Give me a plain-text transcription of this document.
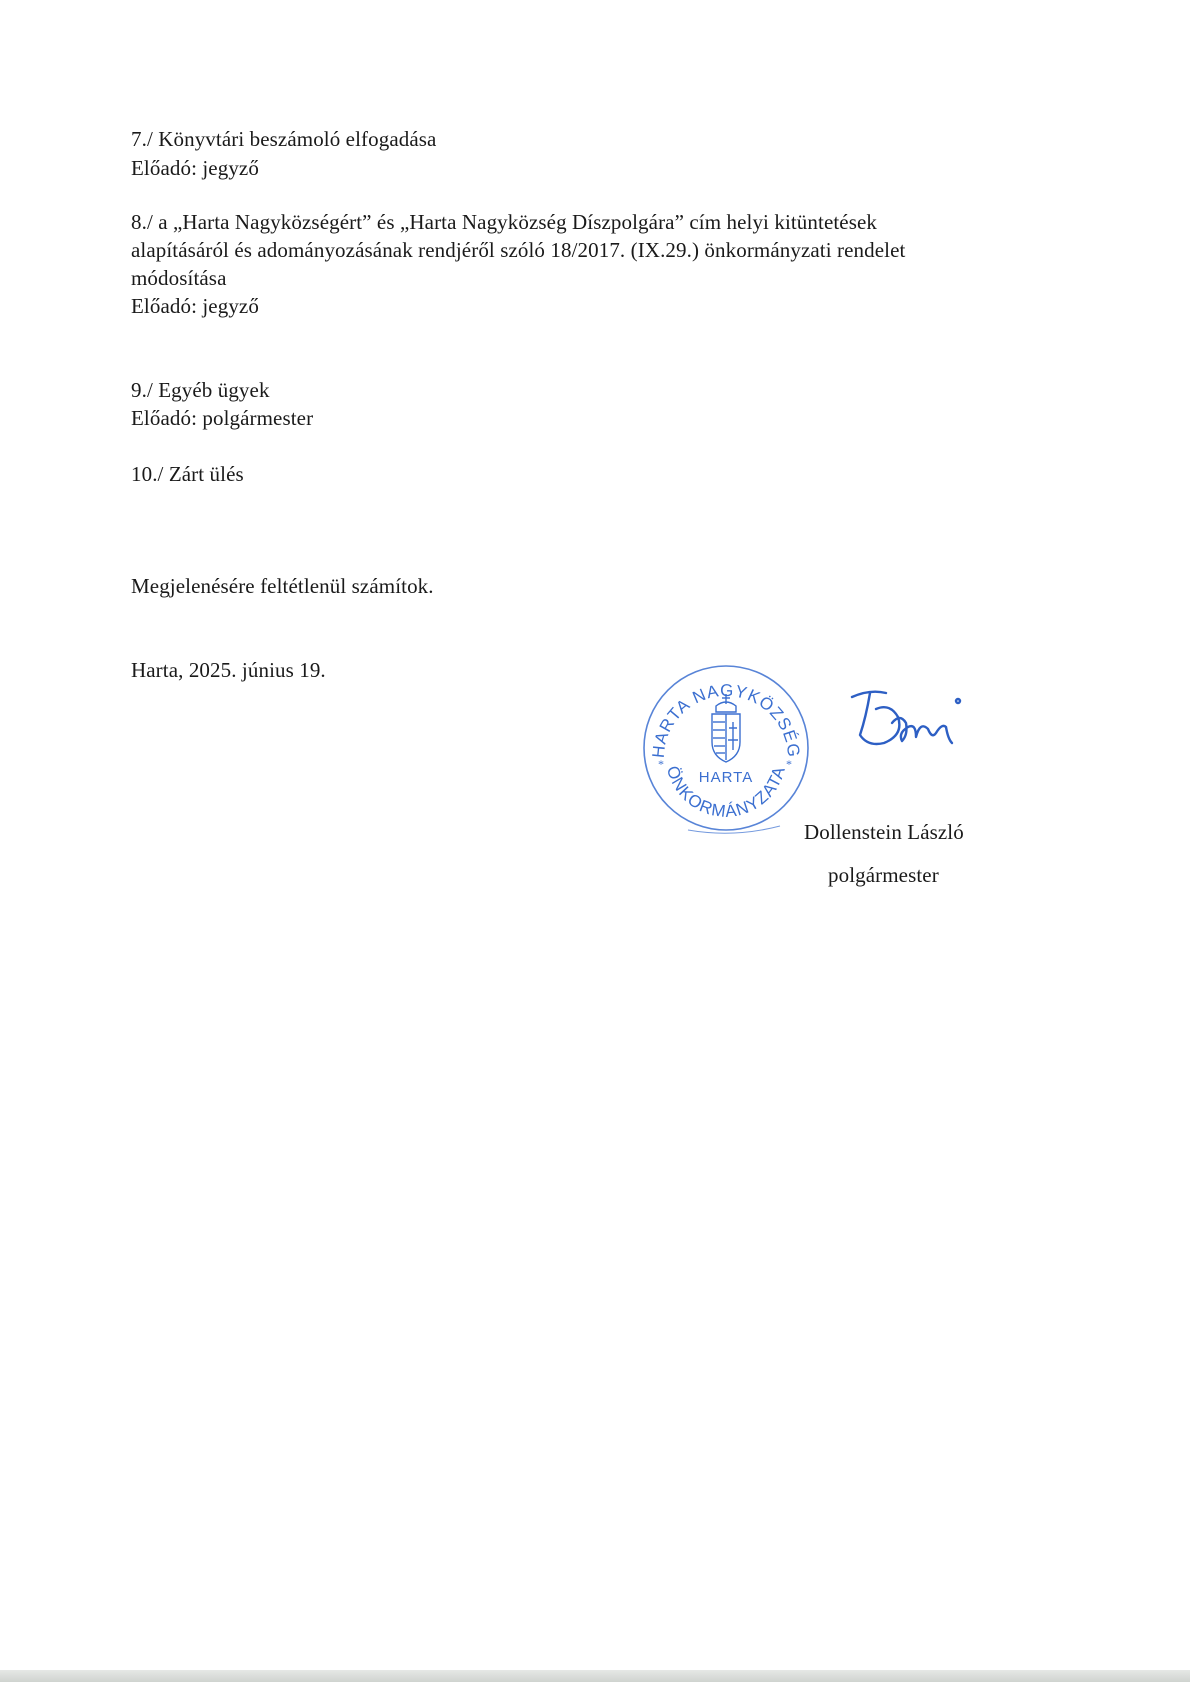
7./ Könyvtári beszámoló elfogadása
Előadó: jegyző
8./ a „Harta Nagyközségért” és „Harta Nagyközség Díszpolgára” cím helyi kitüntetések
alapításáról és adományozásának rendjéről szóló 18/2017. (IX.29.) önkormányzati rendelet
módosítása
Előadó: jegyző
9./ Egyéb ügyek
Előadó: polgármester
10./ Zárt ülés
Megjelenésére feltétlenül számítok.
Harta, 2025. június 19.
HARTA NAGYKÖZSÉG
ÖNKORMÁNYZATA
HARTA
*	*
Dollenstein László
polgármester
